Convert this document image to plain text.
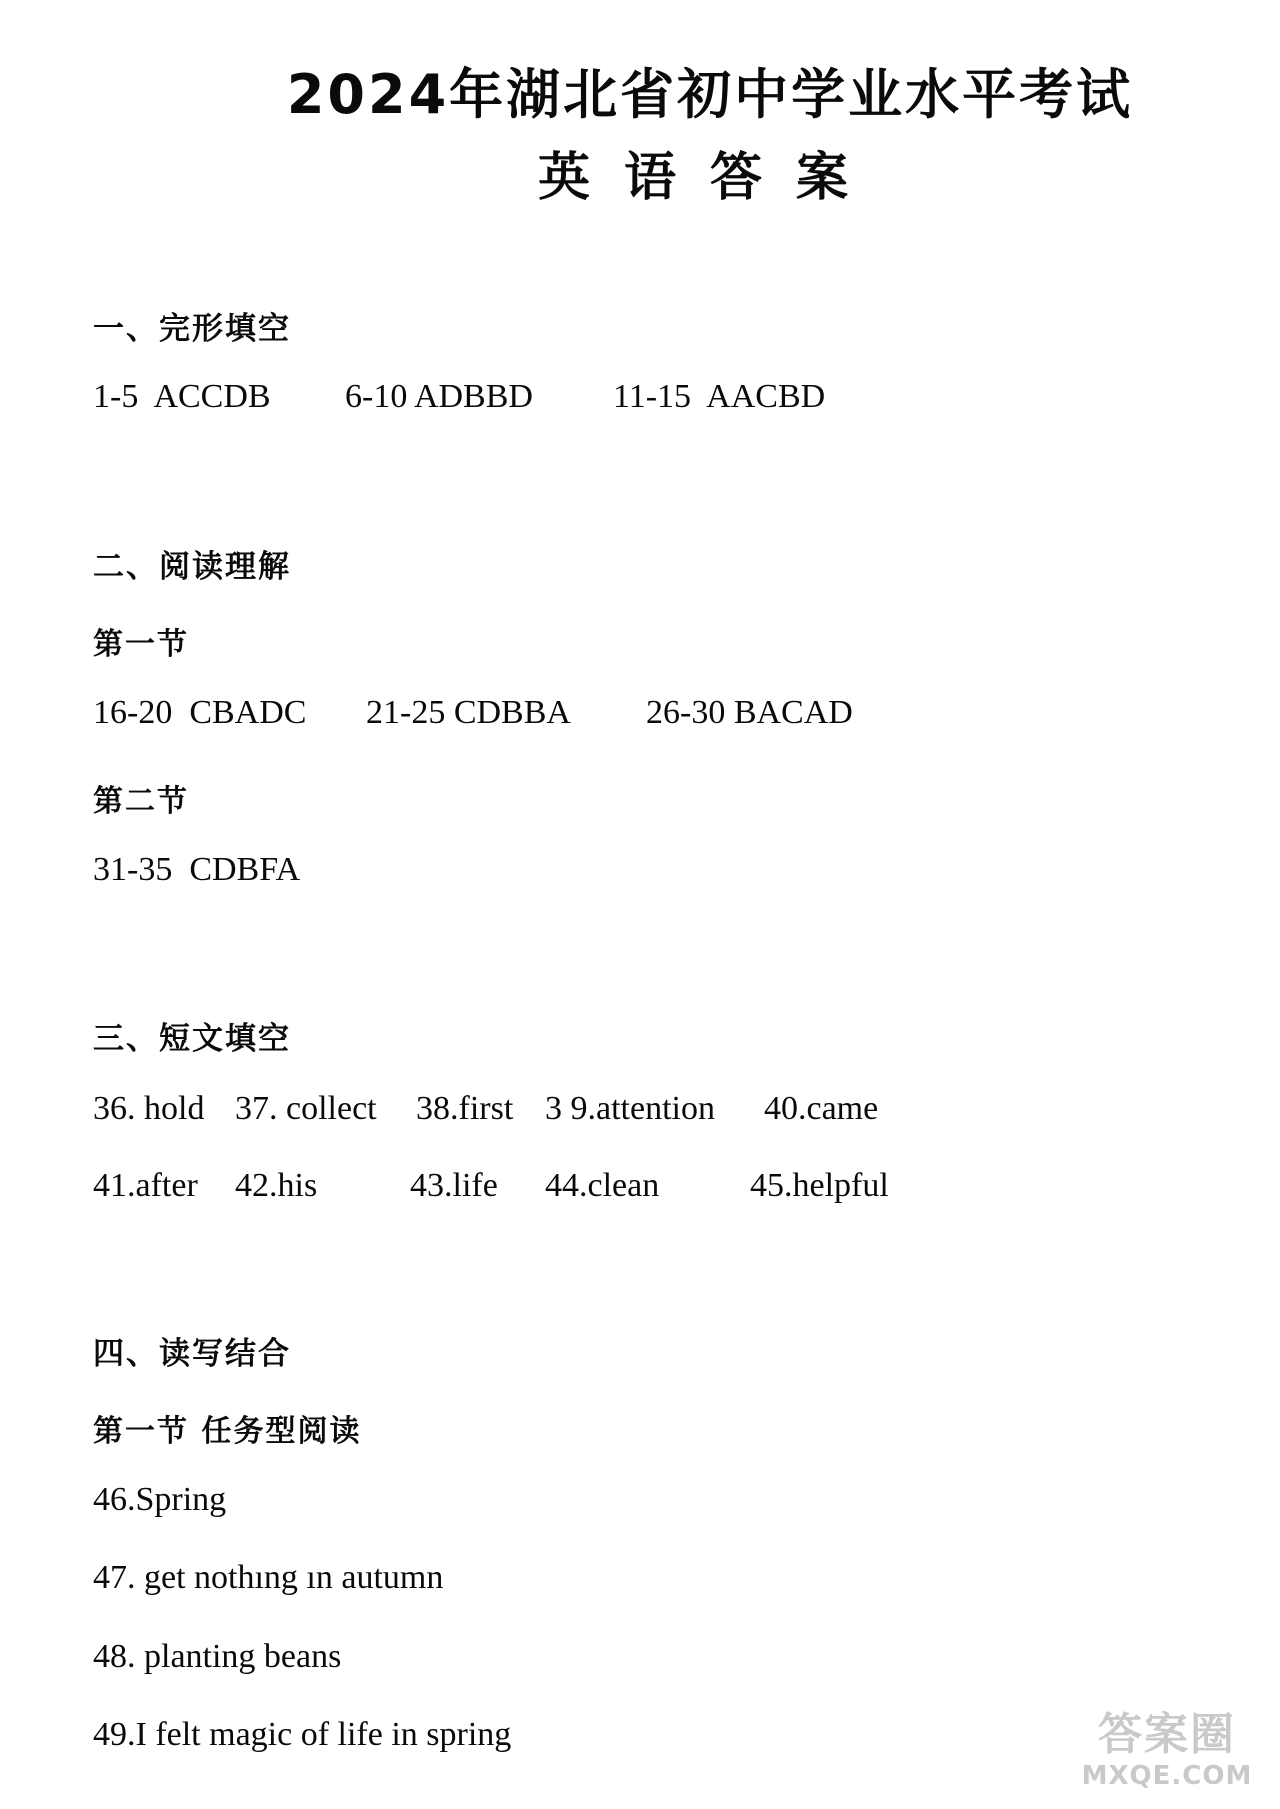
2024年湖北省初中学业水平考试
英语答案
一、完形填空
1-5  ACCDB 6-10 ADBBD 11-15  AACBD
二、阅读理解
第一节
16-20  CBADC 21-25 CDBBA 26-30 BACAD
第二节
31-35  CDBFA
三、短文填空
36. hold 37. collect 38.first 3 9.attention 40.came
41.after 42.his	43.life 44.clean	45.helpful
四、读写结合
第一节 任务型阅读
46.Spring
47. get nothıng ın autumn
48. planting beans
49.I felt magic of life in spring	答案圈
MXQE.COM
